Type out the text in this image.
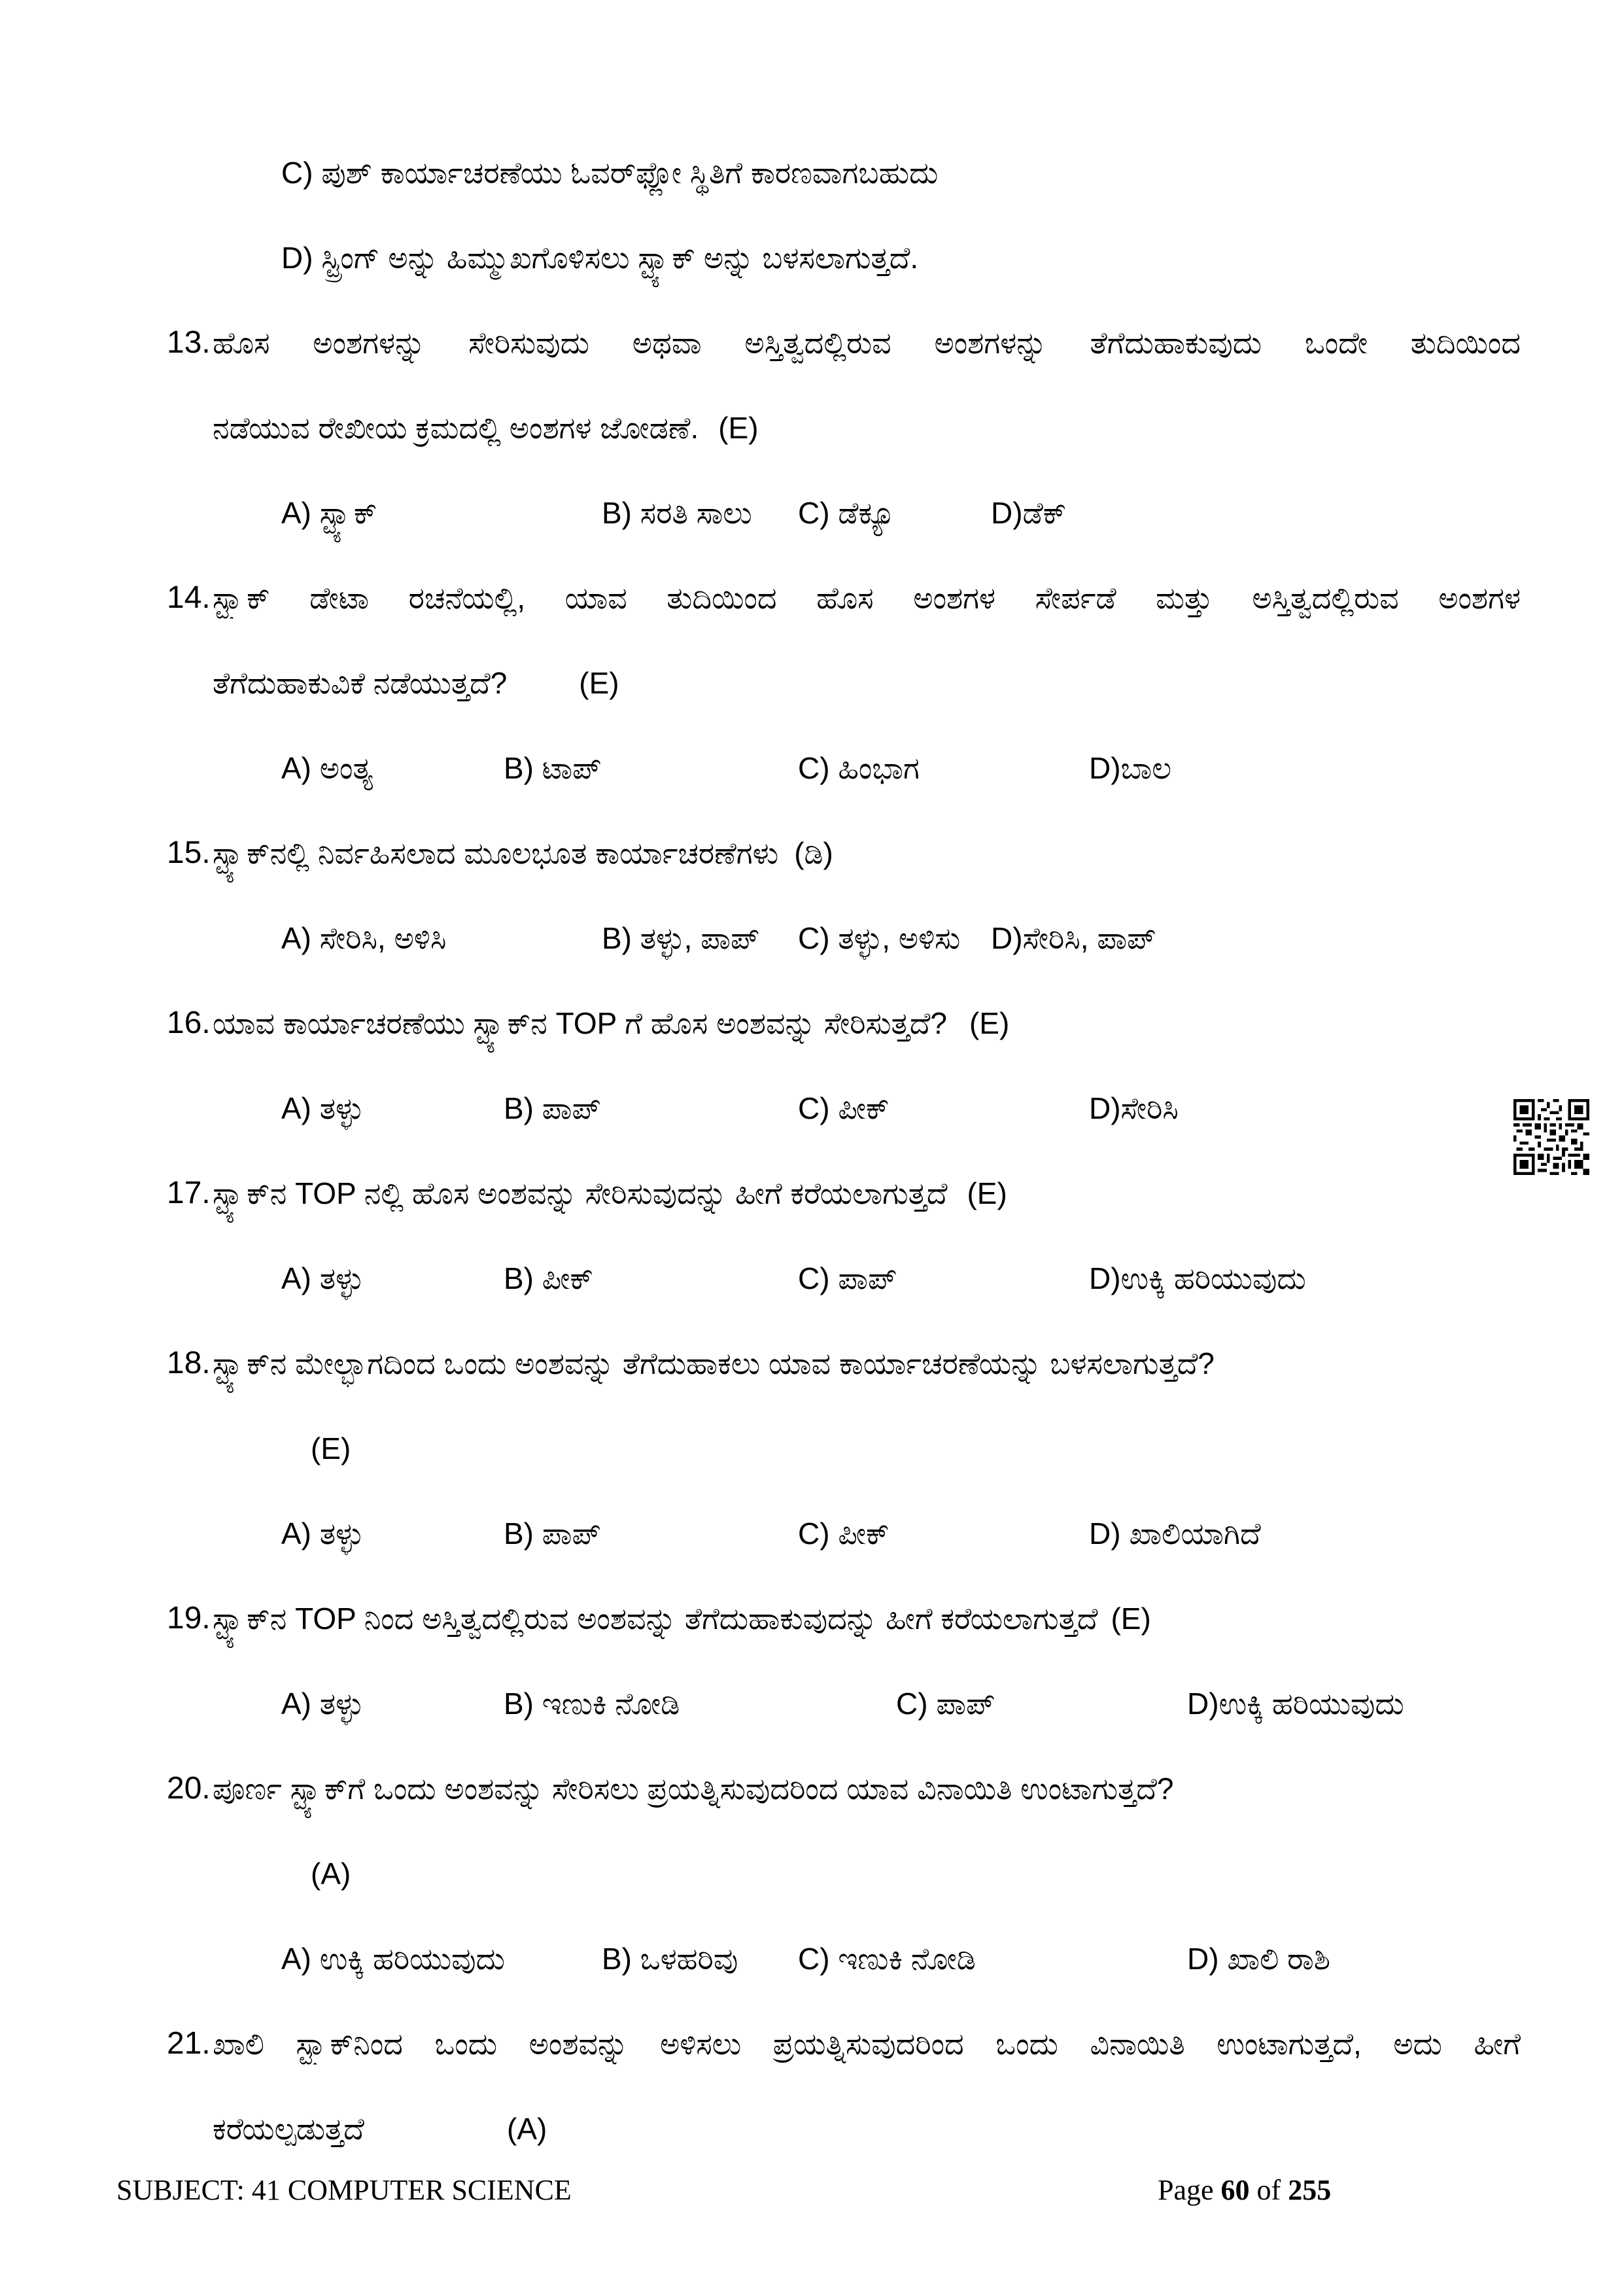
C) ಪುಶ್ ಕಾರ್ಯಾಚರಣೆಯು ಓವರ್‌ಫ್ಲೋ ಸ್ಥಿತಿಗೆ ಕಾರಣವಾಗಬಹುದು
D) ಸ್ಟ್ರಿಂಗ್ ಅನ್ನು ಹಿಮ್ಮುಖಗೊಳಿಸಲು ಸ್ಟ್ಯಾಕ್ ಅನ್ನು ಬಳಸಲಾಗುತ್ತದೆ.
13. ಹೊಸ ಅಂಶಗಳನ್ನು ಸೇರಿಸುವುದು ಅಥವಾ ಅಸ್ತಿತ್ವದಲ್ಲಿರುವ ಅಂಶಗಳನ್ನು ತೆಗೆದುಹಾಕುವುದು ಒಂದೇ ತುದಿಯಿಂದ
ನಡೆಯುವ ರೇಖೀಯ ಕ್ರಮದಲ್ಲಿ ಅಂಶಗಳ ಜೋಡಣೆ. (E)
A) ಸ್ಟ್ಯಾಕ್	B) ಸರತಿ ಸಾಲು C) ಡೆಕ್ಯೂ	D)ಡೆಕ್
14. ಸ್ಟ್ಯಾಕ್ ಡೇಟಾ ರಚನೆಯಲ್ಲಿ, ಯಾವ ತುದಿಯಿಂದ ಹೊಸ ಅಂಶಗಳ ಸೇರ್ಪಡೆ ಮತ್ತು ಅಸ್ತಿತ್ವದಲ್ಲಿರುವ ಅಂಶಗಳ
ತೆಗೆದುಹಾಕುವಿಕೆ ನಡೆಯುತ್ತದೆ? (E)
A) ಅಂತ್ಯ	B) ಟಾಪ್	C) ಹಿಂಭಾಗ	D)ಬಾಲ
15. ಸ್ಟ್ಯಾಕ್‌ನಲ್ಲಿ ನಿರ್ವಹಿಸಲಾದ ಮೂಲಭೂತ ಕಾರ್ಯಾಚರಣೆಗಳು (ಡಿ)
A) ಸೇರಿಸಿ, ಅಳಿಸಿ	B) ತಳ್ಳು, ಪಾಪ್ C) ತಳ್ಳು, ಅಳಿಸು D)ಸೇರಿಸಿ, ಪಾಪ್
16. ಯಾವ ಕಾರ್ಯಾಚರಣೆಯು ಸ್ಟ್ಯಾಕ್‌ನ TOP ಗೆ ಹೊಸ ಅಂಶವನ್ನು ಸೇರಿಸುತ್ತದೆ? (E)
A) ತಳ್ಳು	B) ಪಾಪ್	C) ಪೀಕ್	D)ಸೇರಿಸಿ
17. ಸ್ಟ್ಯಾಕ್‌ನ TOP ನಲ್ಲಿ ಹೊಸ ಅಂಶವನ್ನು ಸೇರಿಸುವುದನ್ನು ಹೀಗೆ ಕರೆಯಲಾಗುತ್ತದೆ (E)
A) ತಳ್ಳು	B) ಪೀಕ್	C) ಪಾಪ್	D)ಉಕ್ಕಿ ಹರಿಯುವುದು
18. ಸ್ಟ್ಯಾಕ್‌ನ ಮೇಲ್ಭಾಗದಿಂದ ಒಂದು ಅಂಶವನ್ನು ತೆಗೆದುಹಾಕಲು ಯಾವ ಕಾರ್ಯಾಚರಣೆಯನ್ನು ಬಳಸಲಾಗುತ್ತದೆ?
(E)
A) ತಳ್ಳು	B) ಪಾಪ್	C) ಪೀಕ್	D) ಖಾಲಿಯಾಗಿದೆ
19. ಸ್ಟ್ಯಾಕ್‌ನ TOP ನಿಂದ ಅಸ್ತಿತ್ವದಲ್ಲಿರುವ ಅಂಶವನ್ನು ತೆಗೆದುಹಾಕುವುದನ್ನು ಹೀಗೆ ಕರೆಯಲಾಗುತ್ತದೆ (E)
A) ತಳ್ಳು	B) ಇಣುಕಿ ನೋಡಿ	C) ಪಾಪ್	D)ಉಕ್ಕಿ ಹರಿಯುವುದು
20. ಪೂರ್ಣ ಸ್ಟ್ಯಾಕ್‌ಗೆ ಒಂದು ಅಂಶವನ್ನು ಸೇರಿಸಲು ಪ್ರಯತ್ನಿಸುವುದರಿಂದ ಯಾವ ವಿನಾಯಿತಿ ಉಂಟಾಗುತ್ತದೆ?
(A)
A) ಉಕ್ಕಿ ಹರಿಯುವುದು	B) ಒಳಹರಿವು C) ಇಣುಕಿ ನೋಡಿ	D) ಖಾಲಿ ರಾಶಿ
21. ಖಾಲಿ ಸ್ಟ್ಯಾಕ್‌ನಿಂದ ಒಂದು ಅಂಶವನ್ನು ಅಳಿಸಲು ಪ್ರಯತ್ನಿಸುವುದರಿಂದ ಒಂದು ವಿನಾಯಿತಿ ಉಂಟಾಗುತ್ತದೆ, ಅದು ಹೀಗೆ
ಕರೆಯಲ್ಪಡುತ್ತದೆ	(A)
SUBJECT: 41 COMPUTER SCIENCE	Page 60 of 255
